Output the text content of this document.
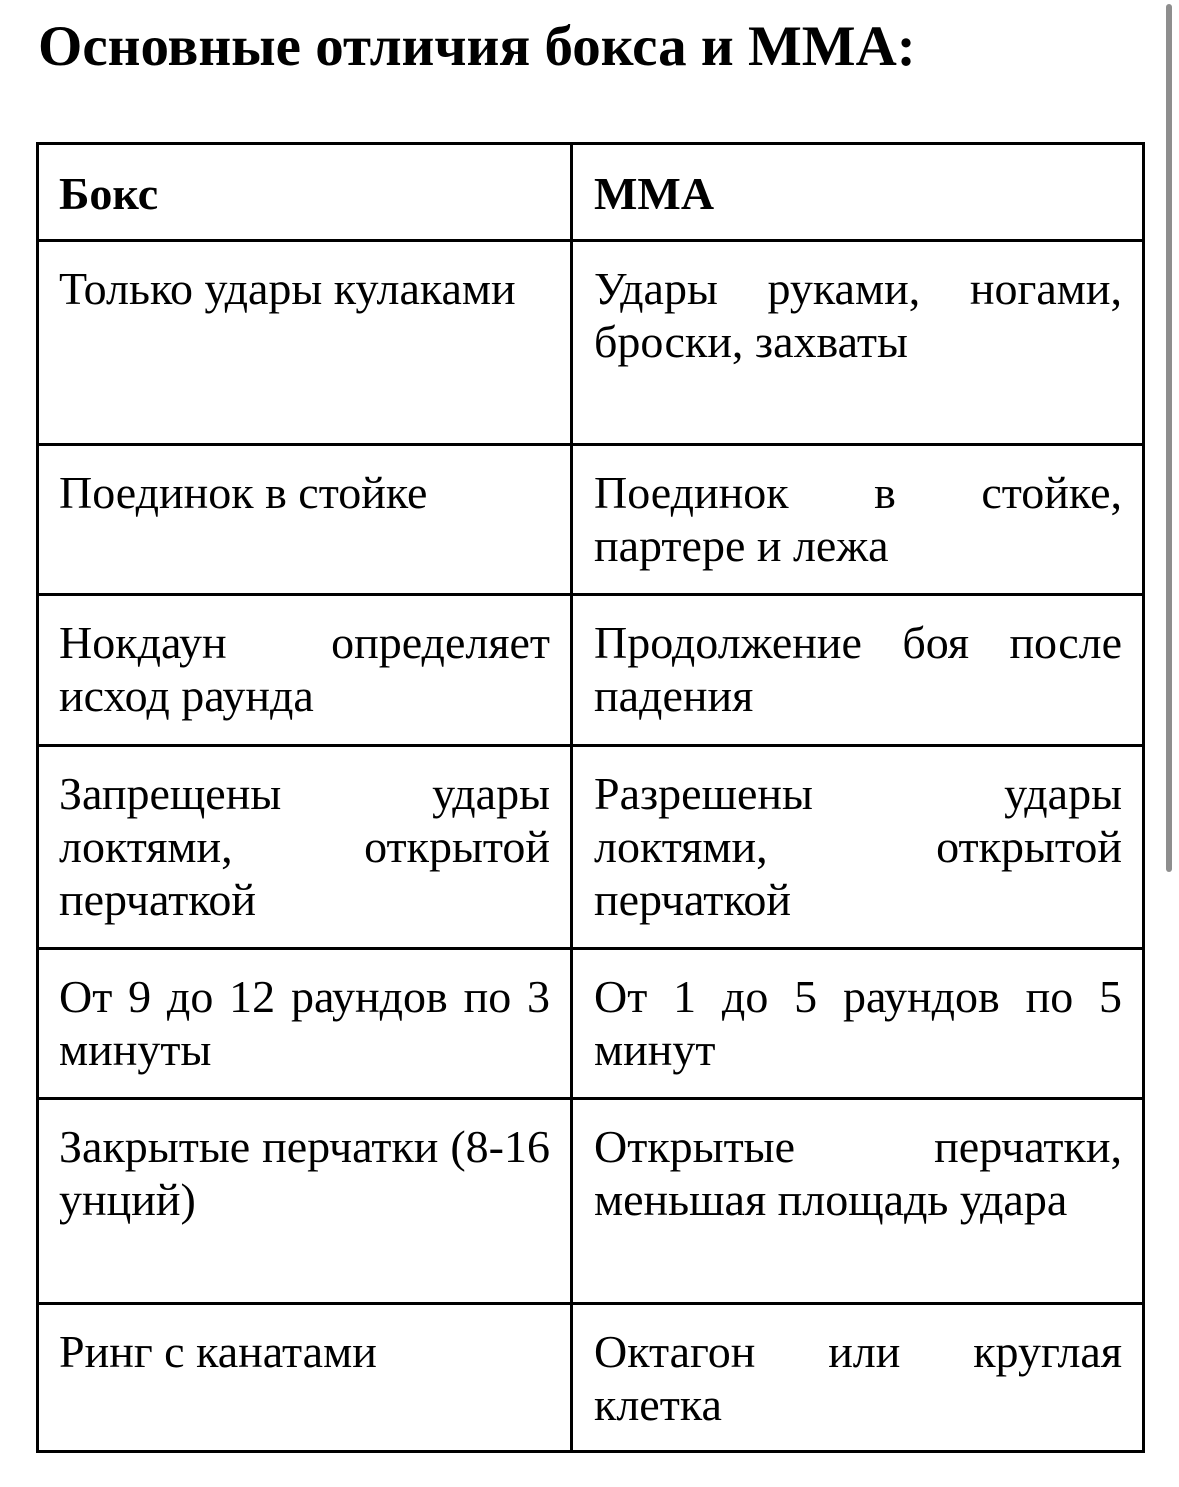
Основные отличия бокса и ММА:
Бокс	ММА
Только удары кулаками	Удары руками, ногами, броски, захваты
Поединок в стойке	Поединок в стойке, партере и лежа
Нокдаун определяет исход раунда	Продолжение боя после падения
Запрещены удары локтями, открытой перчаткой	Разрешены удары локтями, открытой перчаткой
От 9 до 12 раундов по 3 минуты	От 1 до 5 раундов по 5 минут
Закрытые перчатки (8-16 унций)	Открытые перчатки, меньшая площадь удара
Ринг с канатами	Октагон или круглая клетка
